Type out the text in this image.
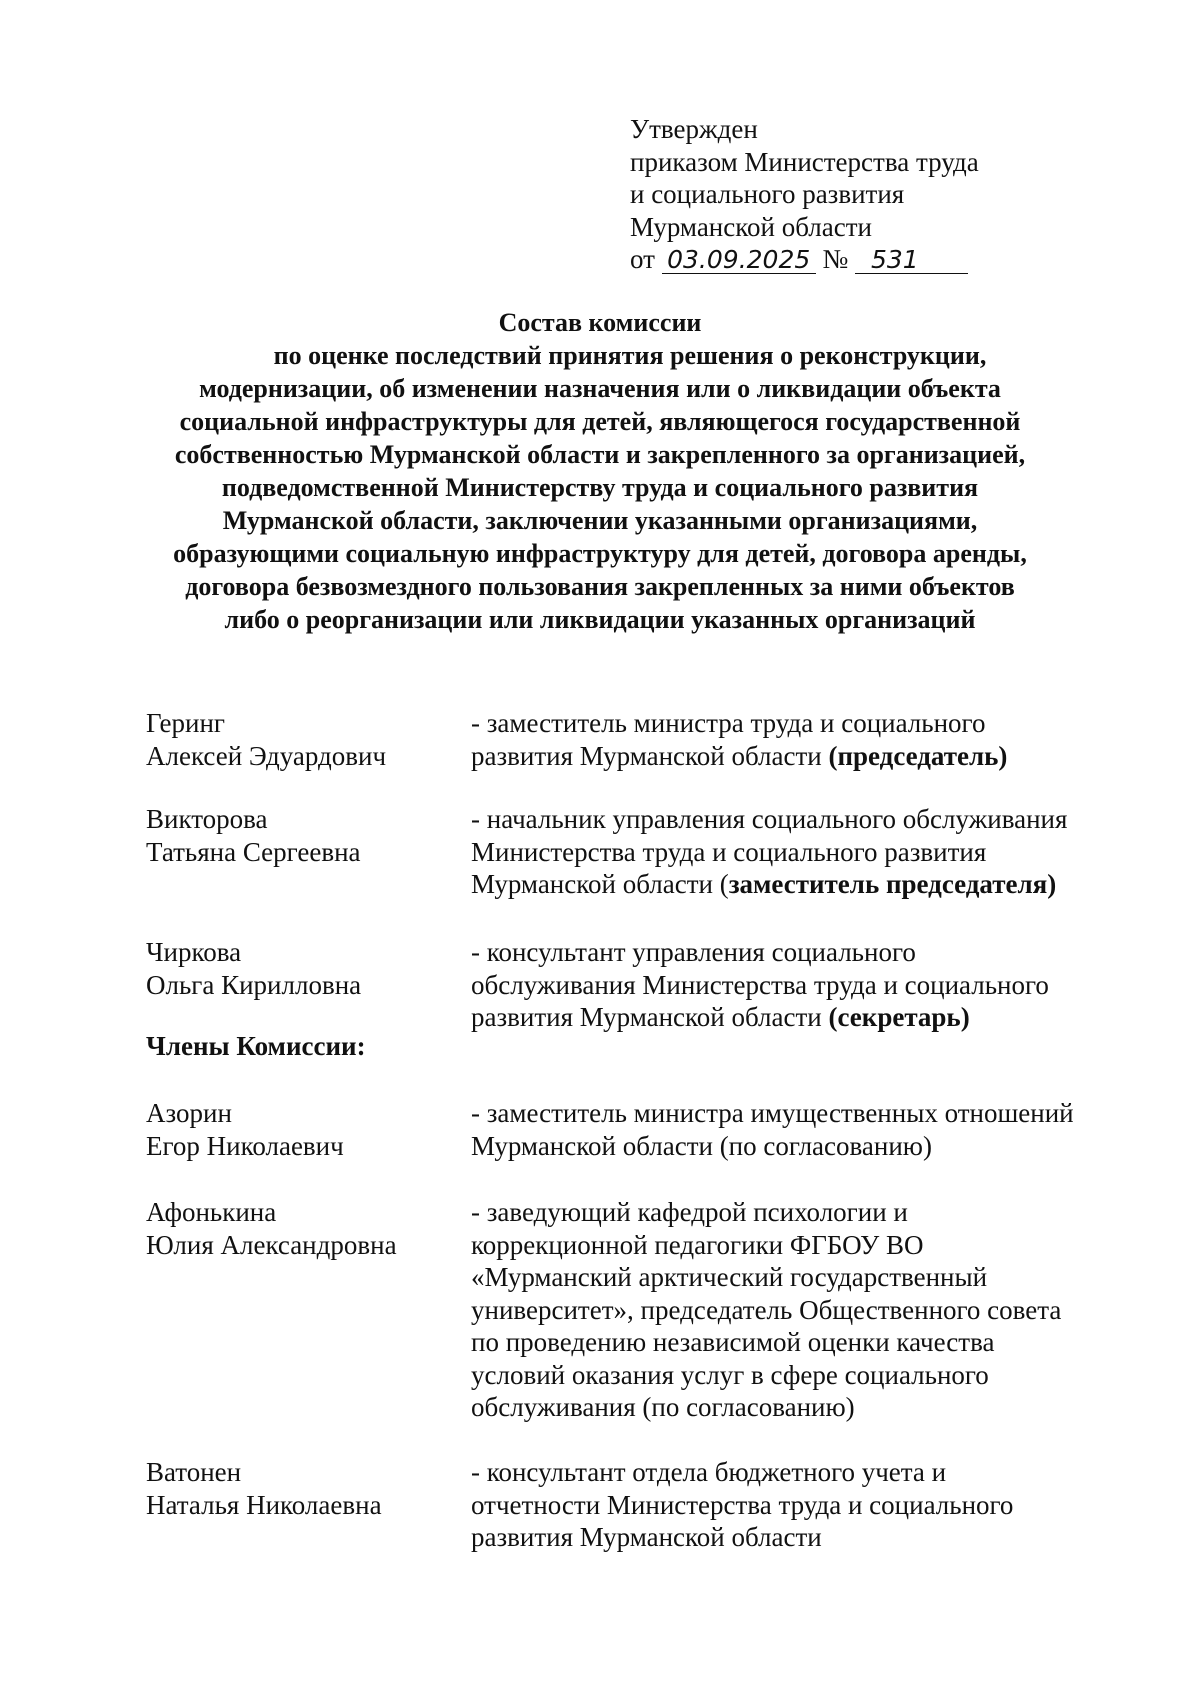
Утвержден
приказом Министерства труда
и социального развития
Мурманской области
от 03.09.2025 № 531
Состав комиссии
по оценке последствий принятия решения о реконструкции,
модернизации, об изменении назначения или о ликвидации объекта
социальной инфраструктуры для детей, являющегося государственной
собственностью Мурманской области и закрепленного за организацией,
подведомственной Министерству труда и социального развития
Мурманской области, заключении указанными организациями,
образующими социальную инфраструктуру для детей, договора аренды,
договора безвозмездного пользования закрепленных за ними объектов
либо о реорганизации или ликвидации указанных организаций
Геринг
Алексей Эдуардович
- заместитель министра труда и социального
развития Мурманской области (председатель)
Викторова
Татьяна Сергеевна
- начальник управления социального обслуживания
Министерства труда и социального развития
Мурманской области (заместитель председателя)
Чиркова
Ольга Кирилловна
- консультант управления социального
обслуживания Министерства труда и социального
развития Мурманской области (секретарь)
Члены Комиссии:
Азорин
Егор Николаевич
- заместитель министра имущественных отношений
Мурманской области (по согласованию)
Афонькина
Юлия Александровна
- заведующий кафедрой психологии и
коррекционной педагогики ФГБОУ ВО
«Мурманский арктический государственный
университет», председатель Общественного совета
по проведению независимой оценки качества
условий оказания услуг в сфере социального
обслуживания (по согласованию)
Ватонен
Наталья Николаевна
- консультант отдела бюджетного учета и
отчетности Министерства труда и социального
развития Мурманской области
